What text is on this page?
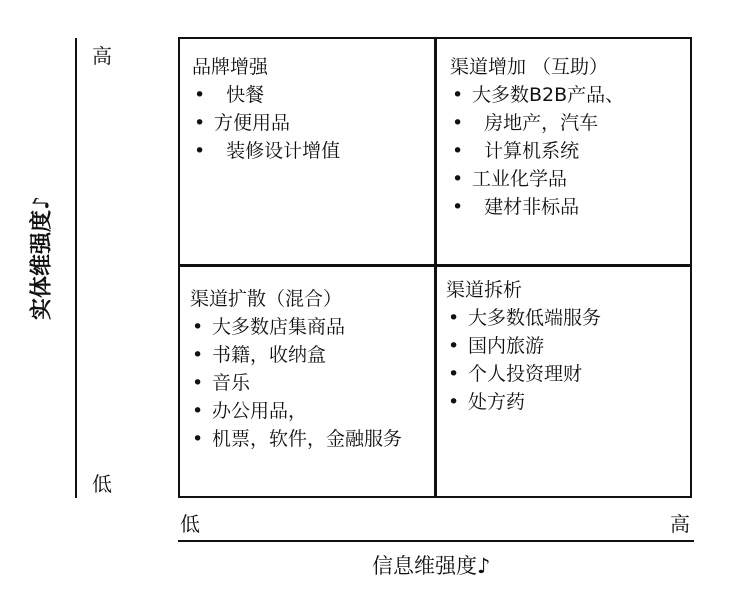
高
低
实体维强度♪
品牌增强
• 快餐
• 方便用品
• 装修设计增值
渠道增加 （互助）
• 大多数B2B产品、
• 房地产，汽车
• 计算机系统
• 工业化学品
• 建材非标品
渠道扩散（混合）
• 大多数店集商品
• 书籍，收纳盒
• 音乐
• 办公用品，
• 机票，软件，金融服务
渠道拆析
• 大多数低端服务
• 国内旅游
• 个人投资理财
• 处方药
低	高
信息维强度♪
